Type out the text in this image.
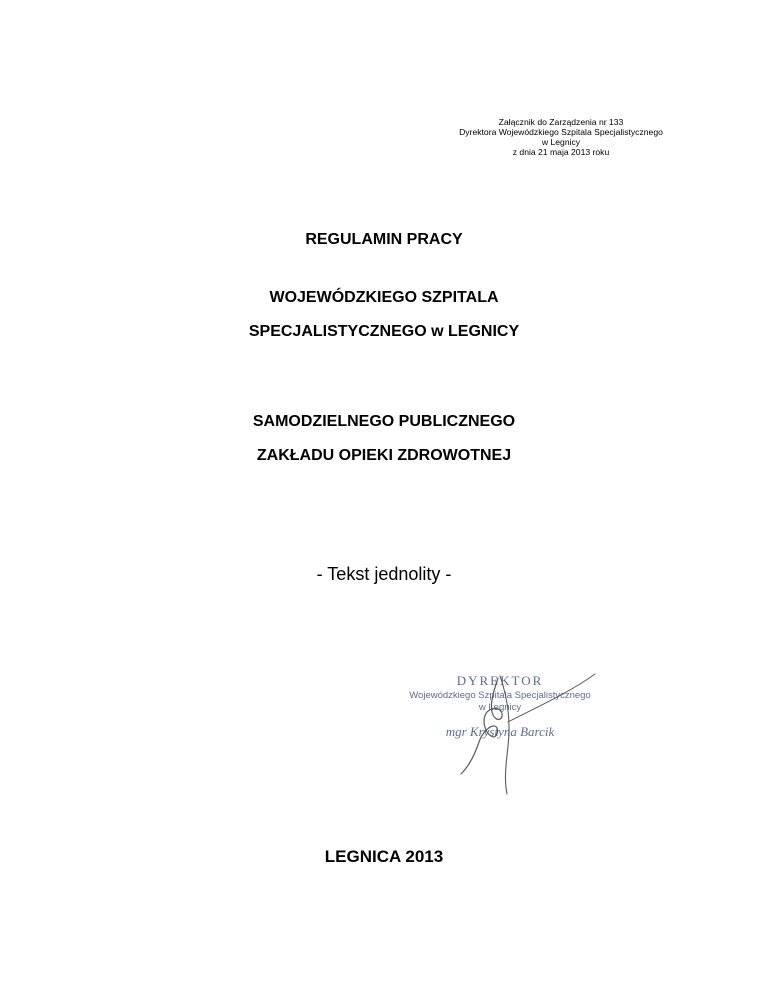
Załącznik do Zarządzenia nr 133
Dyrektora Wojewódzkiego Szpitala Specjalistycznego
w Legnicy
z dnia 21 maja 2013 roku
REGULAMIN PRACY
WOJEWÓDZKIEGO SZPITALA
SPECJALISTYCZNEGO w LEGNICY
SAMODZIELNEGO PUBLICZNEGO
ZAKŁADU OPIEKI ZDROWOTNEJ
- Tekst jednolity -
DYREKTOR
Wojewódzkiego Szpitala Specjalistycznego
w Legnicy
mgr Krystyna Barcik
LEGNICA 2013
